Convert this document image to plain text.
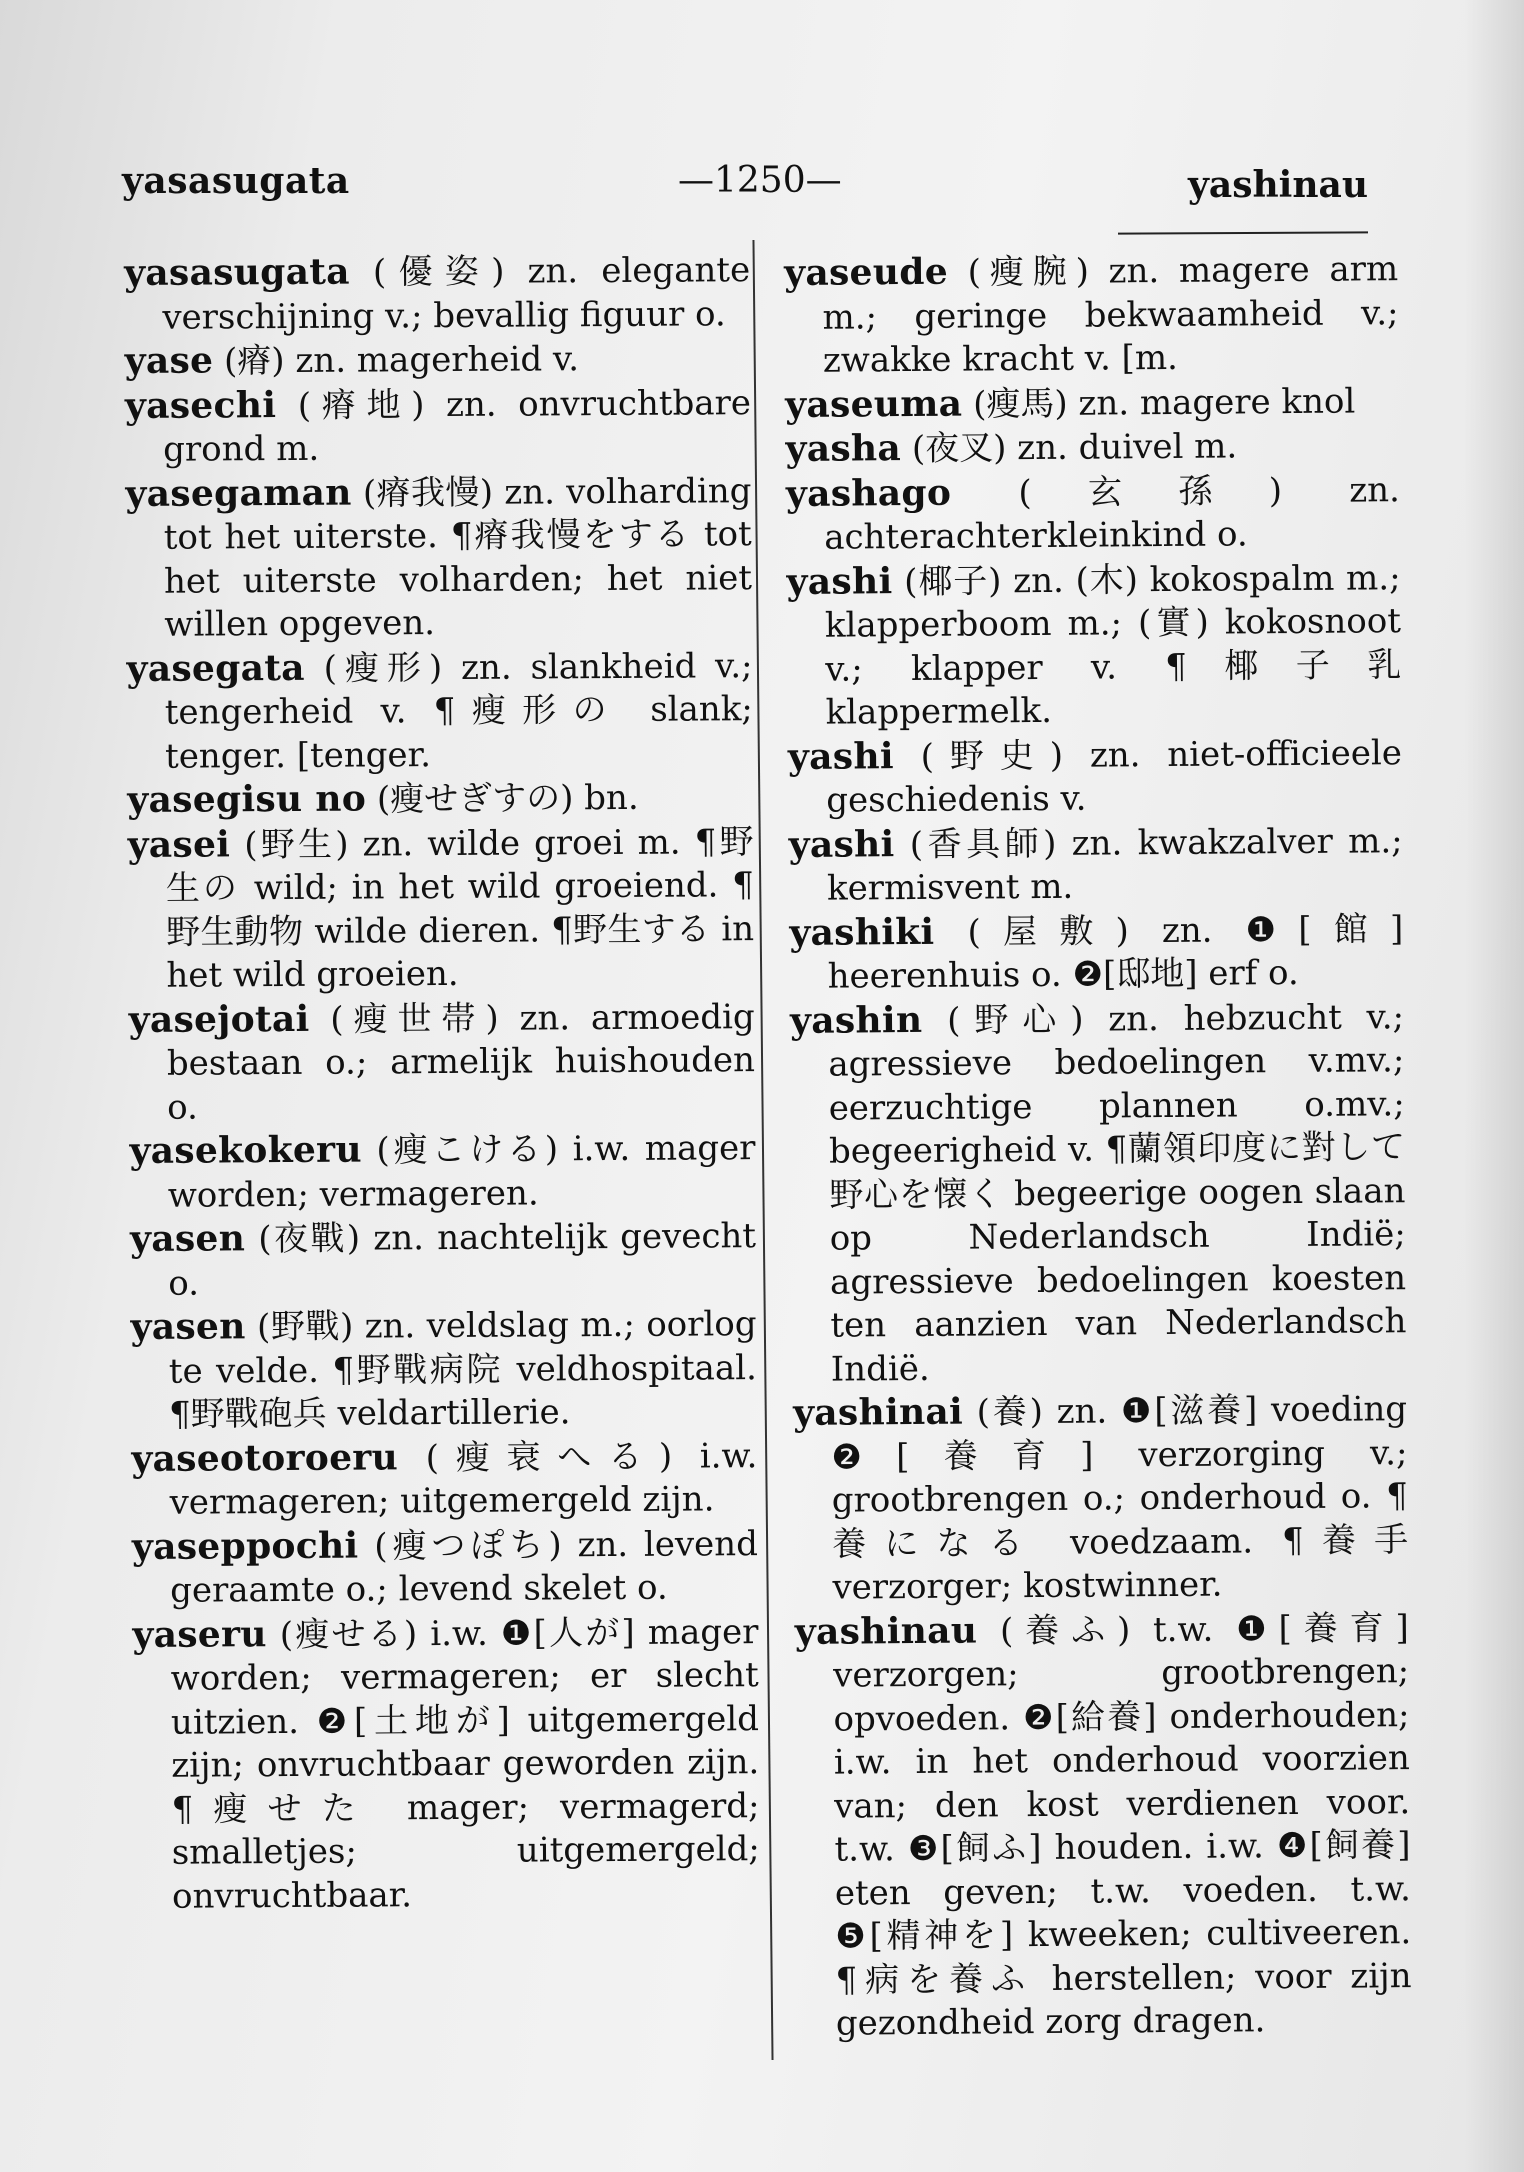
yasasugata	—1250—	yashinau

yasasugata (優姿) zn. elegante verschijning v.; bevallig figuur o.

yase (瘠) zn. magerheid v.

yasechi (瘠地) zn. onvruchtbare grond m.

yasegaman (瘠我慢) zn. volharding tot het uiterste. ¶瘠我慢をする tot het uiterste volharden; het niet willen opgeven.

yasegata (瘦形) zn. slankheid v.; tengerheid v. ¶瘦形の slank; tenger. [tenger.

yasegisu no (瘦せぎすの) bn.

yasei (野生) zn. wilde groei m. ¶野生の wild; in het wild groeiend. ¶野生動物 wilde dieren. ¶野生する in het wild groeien.

yasejotai (瘦世帯) zn. armoedig bestaan o.; armelijk huishouden o.

yasekokeru (瘦こける) i.w. mager worden; vermageren.

yasen (夜戰) zn. nachtelijk gevecht o.

yasen (野戰) zn. veldslag m.; oorlog te velde. ¶野戰病院 veldhospitaal. ¶野戰砲兵 veldartillerie.

yaseotoroeru (瘦衰へる) i.w. vermageren; uitgemergeld zijn.

yaseppochi (瘦つぽち) zn. levend geraamte o.; levend skelet o.

yaseru (瘦せる) i.w. ❶[人が] mager worden; vermageren; er slecht uitzien. ❷[土地が] uitgemergeld zijn; onvruchtbaar geworden zijn. ¶瘦せた mager; vermagerd; smalletjes; uitgemergeld; onvruchtbaar.

yaseude (瘦腕) zn. magere arm m.; geringe bekwaamheid v.; zwakke kracht v. [m.

yaseuma (瘦馬) zn. magere knol

yasha (夜叉) zn. duivel m.

yashago (玄孫) zn. achterachterkleinkind o.

yashi (椰子) zn. (木) kokospalm m.; klapperboom m.; (實) kokosnoot v.; klapper v. ¶椰子乳 klappermelk.

yashi (野史) zn. niet-officieele geschiedenis v.

yashi (香具師) zn. kwakzalver m.; kermisvent m.

yashiki (屋敷) zn. ❶[館] heerenhuis o. ❷[邸地] erf o.

yashin (野心) zn. hebzucht v.; agressieve bedoelingen v.mv.; eerzuchtige plannen o.mv.; begeerigheid v. ¶蘭領印度に對して野心を懐く begeerige oogen slaan op Nederlandsch Indië; agressieve bedoelingen koesten ten aanzien van Nederlandsch Indië.

yashinai (養) zn. ❶[滋養] voeding ❷[養育] verzorging v.; grootbrengen o.; onderhoud o. ¶養になる voedzaam. ¶養手 verzorger; kostwinner.

yashinau (養ふ) t.w. ❶[養育] verzorgen; grootbrengen; opvoeden. ❷[給養] onderhouden; i.w. in het onderhoud voorzien van; den kost verdienen voor. t.w. ❸[飼ふ] houden. i.w. ❹[飼養] eten geven; t.w. voeden. t.w. ❺[精神を] kweeken; cultiveeren. ¶病を養ふ herstellen; voor zijn gezondheid zorg dragen.
